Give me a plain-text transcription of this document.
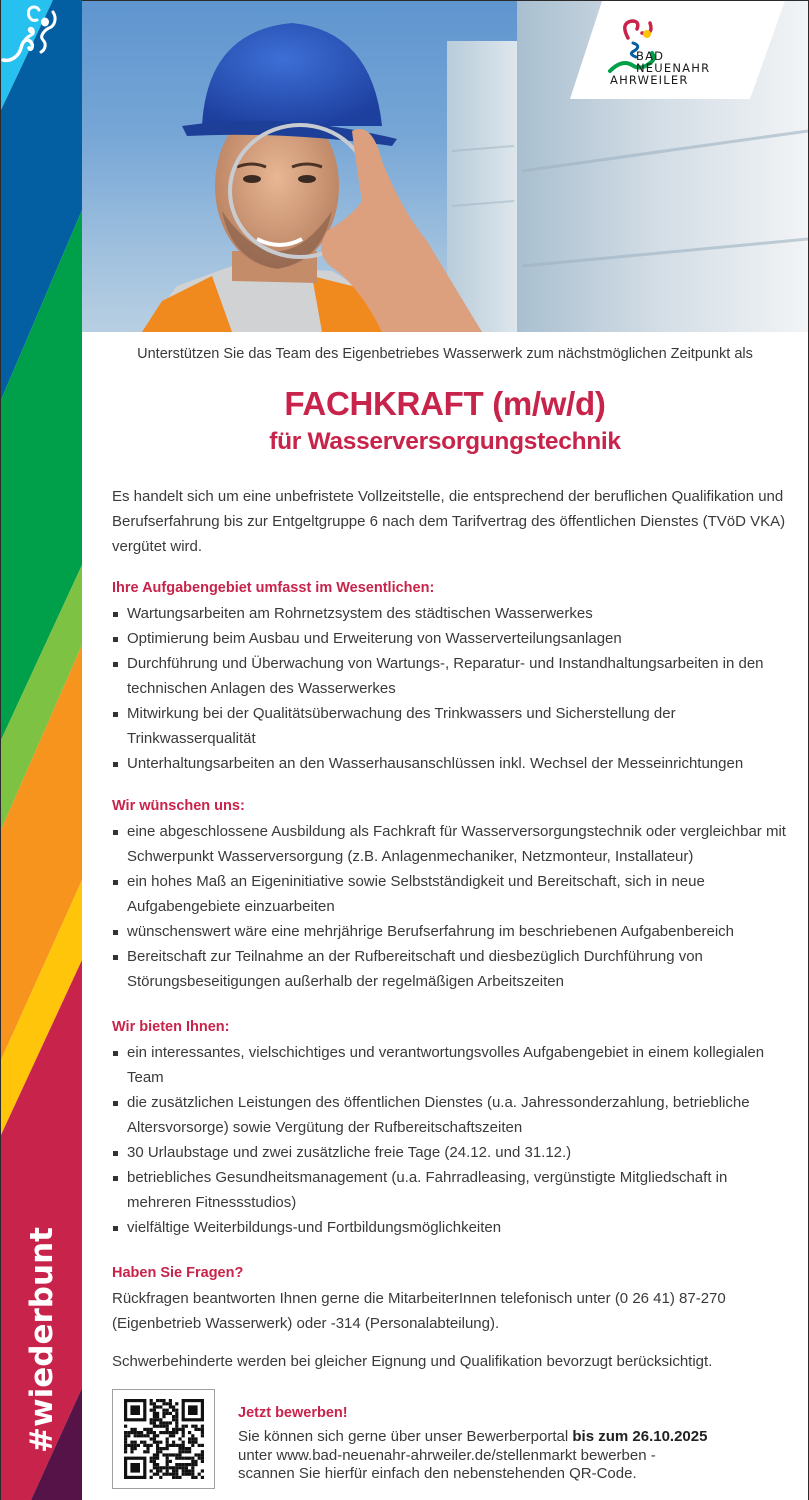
#wiederbunt
BAD
NEUENAHR
AHRWEILER
Unterstützen Sie das Team des Eigenbetriebes Wasserwerk zum nächstmöglichen Zeitpunkt als
FACHKRAFT (m/w/d)
für Wasserversorgungstechnik

Es handelt sich um eine unbefristete Vollzeitstelle, die entsprechend der beruflichen Qualifikation und Berufserfahrung bis zur Entgeltgruppe 6 nach dem Tarifvertrag des öffentlichen Dienstes (TVöD VKA) vergütet wird.

Ihre Aufgabengebiet umfasst im Wesentlichen:
Wartungsarbeiten am Rohrnetzsystem des städtischen Wasserwerkes
Optimierung beim Ausbau und Erweiterung von Wasserverteilungsanlagen
Durchführung und Überwachung von Wartungs-, Reparatur- und Instandhaltungsarbeiten in den technischen Anlagen des Wasserwerkes
Mitwirkung bei der Qualitätsüberwachung des Trinkwassers und Sicherstellung der Trinkwasserqualität
Unterhaltungsarbeiten an den Wasserhausanschlüssen inkl. Wechsel der Messeinrichtungen
Wir wünschen uns:
eine abgeschlossene Ausbildung als Fachkraft für Wasserversorgungstechnik oder vergleichbar mit Schwerpunkt Wasserversorgung (z.B. Anlagenmechaniker, Netzmonteur, Installateur)
ein hohes Maß an Eigeninitiative sowie Selbstständigkeit und Bereitschaft, sich in neue Aufgabengebiete einzuarbeiten
wünschenswert wäre eine mehrjährige Berufserfahrung im beschriebenen Aufgabenbereich
Bereitschaft zur Teilnahme an der Rufbereitschaft und diesbezüglich Durchführung von Störungsbeseitigungen außerhalb der regelmäßigen Arbeitszeiten
Wir bieten Ihnen:
ein interessantes, vielschichtiges und verantwortungsvolles Aufgabengebiet in einem kollegialen Team
die zusätzlichen Leistungen des öffentlichen Dienstes (u.a. Jahressonderzahlung, betriebliche Altersvorsorge) sowie Vergütung der Rufbereitschaftszeiten
30 Urlaubstage und zwei zusätzliche freie Tage (24.12. und 31.12.)
betriebliches Gesundheitsmanagement (u.a. Fahrradleasing, vergünstigte Mitgliedschaft in mehreren Fitnessstudios)
vielfältige Weiterbildungs-und Fortbildungsmöglichkeiten
Haben Sie Fragen?

Rückfragen beantworten Ihnen gerne die MitarbeiterInnen telefonisch unter (0 26 41) 87-270 (Eigenbetrieb Wasserwerk) oder -314 (Personalabteilung).

Schwerbehinderte werden bei gleicher Eignung und Qualifikation bevorzugt berücksichtigt.

Jetzt bewerben!

Sie können sich gerne über unser Bewerberportal bis zum 26.10.2025

unter www.bad-neuenahr-ahrweiler.de/stellenmarkt bewerben -

scannen Sie hierfür einfach den nebenstehenden QR-Code.
